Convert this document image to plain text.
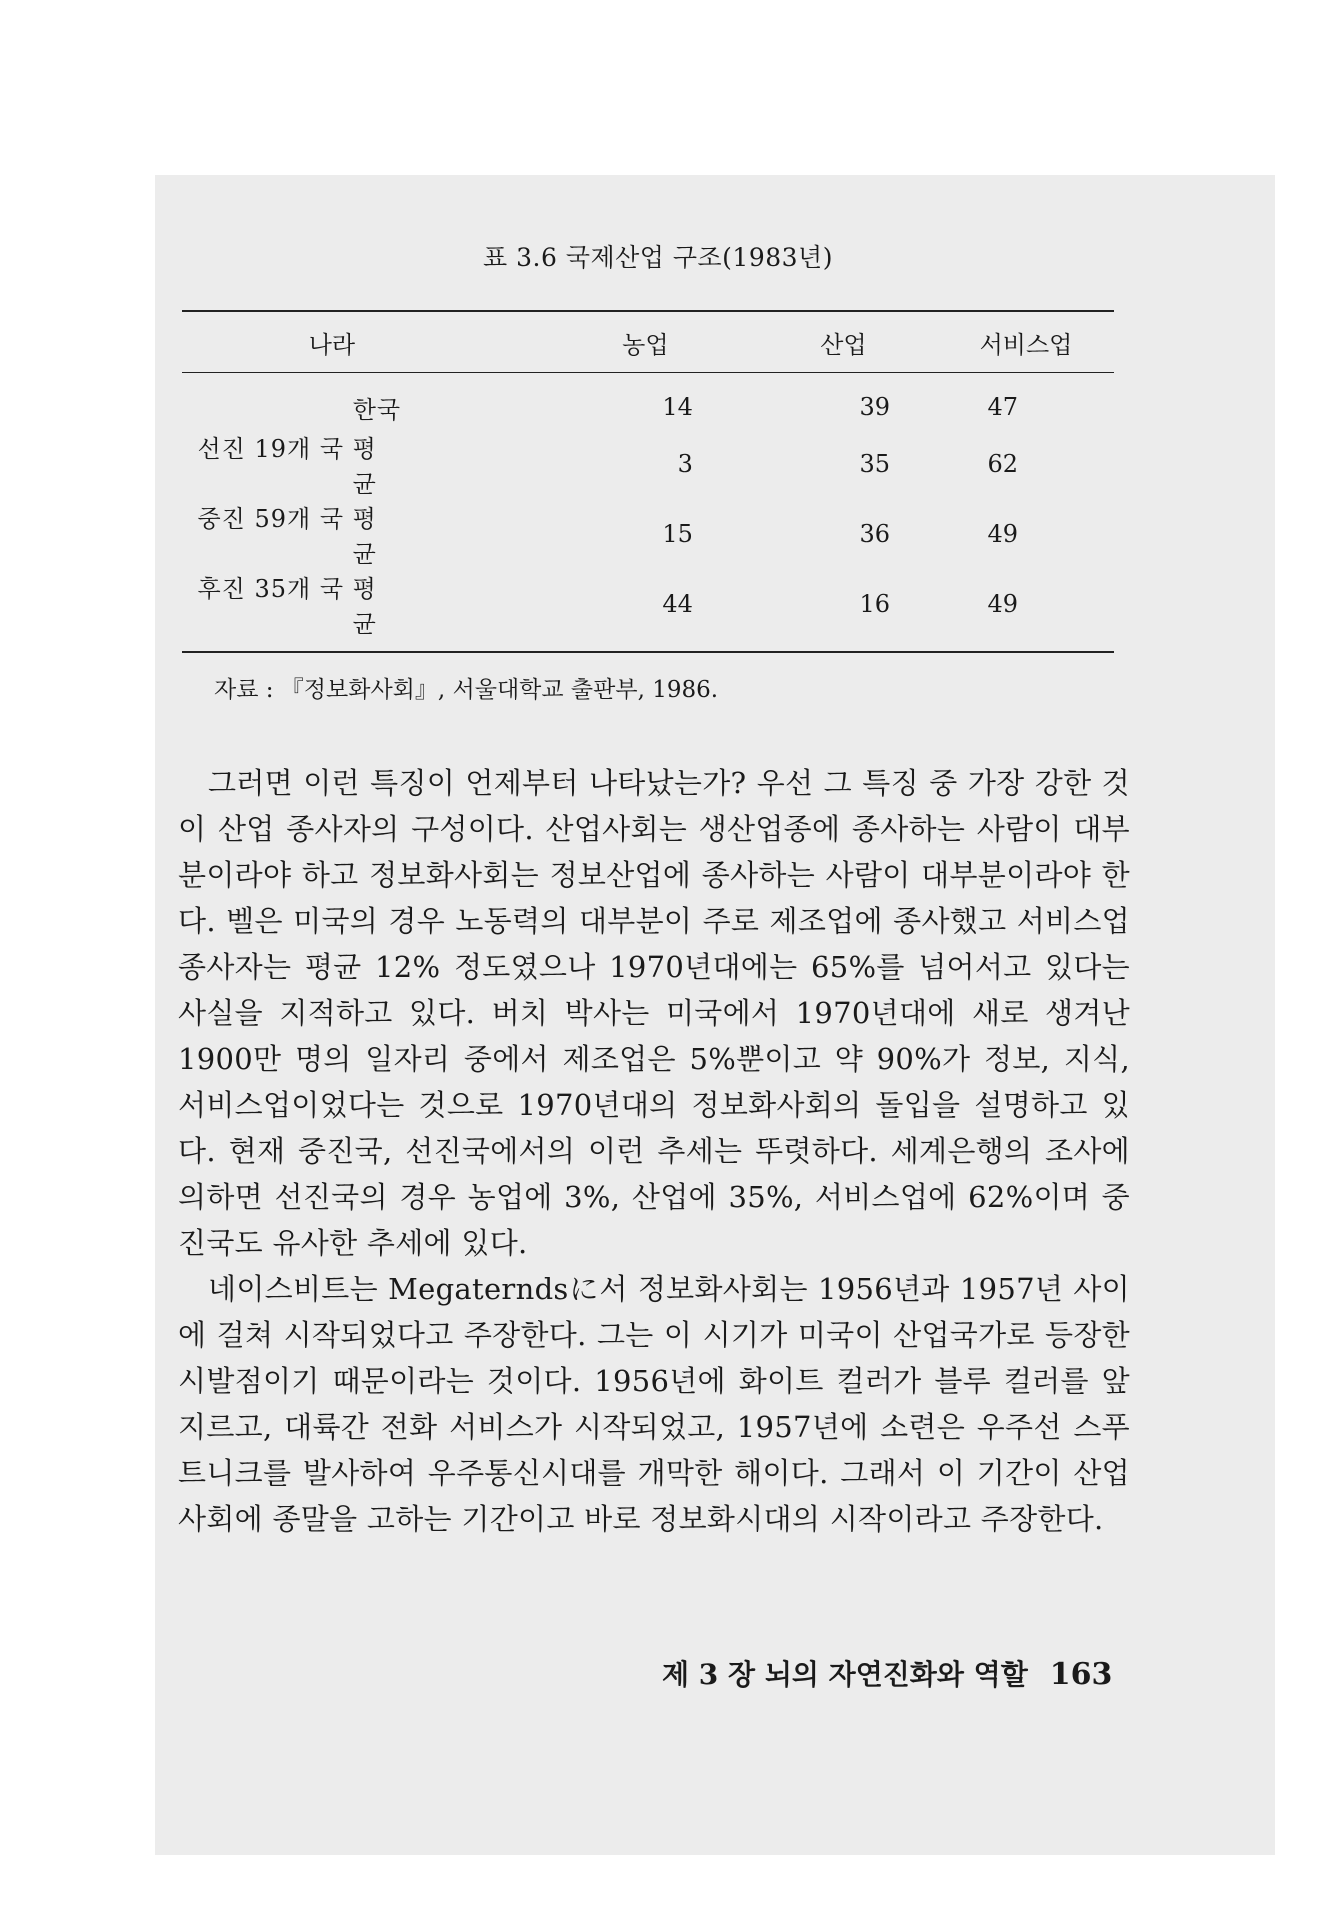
표 3.6 국제산업 구조(1983년)
나라	농업	산업	서비스업
한국	14	39	47
선진 19개 국 평균	3	35	62
중진 59개 국 평균	15	36	49
후진 35개 국 평균	44	16	49
자료 : 『정보화사회』, 서울대학교 출판부, 1986.

그러면 이런 특징이 언제부터 나타났는가? 우선 그 특징 중 가장 강한 것이 산업 종사자의 구성이다. 산업사회는 생산업종에 종사하는 사람이 대부분이라야 하고 정보화사회는 정보산업에 종사하는 사람이 대부분이라야 한다. 벨은 미국의 경우 노동력의 대부분이 주로 제조업에 종사했고 서비스업 종사자는 평균 12% 정도였으나 1970년대에는 65%를 넘어서고 있다는 사실을 지적하고 있다. 버치 박사는 미국에서 1970년대에 새로 생겨난 1900만 명의 일자리 중에서 제조업은 5%뿐이고 약 90%가 정보, 지식, 서비스업이었다는 것으로 1970년대의 정보화사회의 돌입을 설명하고 있다. 현재 중진국, 선진국에서의 이런 추세는 뚜렷하다. 세계은행의 조사에 의하면 선진국의 경우 농업에 3%, 산업에 35%, 서비스업에 62%이며 중진국도 유사한 추세에 있다.

네이스비트는 Megaterndsに서 정보화사회는 1956년과 1957년 사이에 걸쳐 시작되었다고 주장한다. 그는 이 시기가 미국이 산업국가로 등장한 시발점이기 때문이라는 것이다. 1956년에 화이트 컬러가 블루 컬러를 앞지르고, 대륙간 전화 서비스가 시작되었고, 1957년에 소련은 우주선 스푸트니크를 발사하여 우주통신시대를 개막한 해이다. 그래서 이 기간이 산업사회에 종말을 고하는 기간이고 바로 정보화시대의 시작이라고 주장한다.

제 3 장 뇌의 자연진화와 역할 163
